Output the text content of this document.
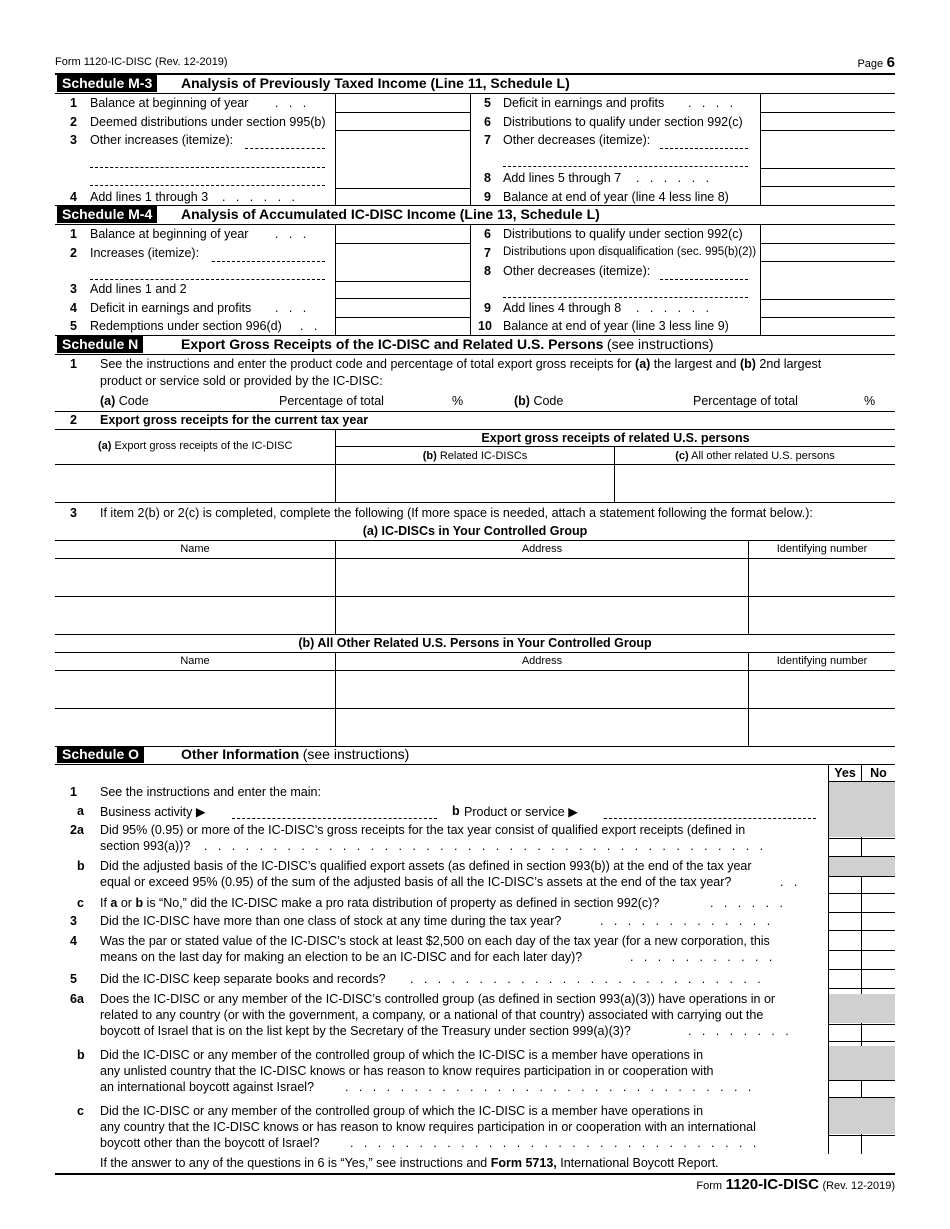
Form 1120-IC-DISC (Rev. 12-2019)	Page 6
Schedule M-3	Analysis of Previously Taxed Income (Line 11, Schedule L)
1 Balance at beginning of year .   .   .
2 Deemed distributions under section 995(b)
3 Other increases (itemize):
4 Add lines 1 through 3 .   .   .   .   .   .
5 Deficit in earnings and profits .   .   .   .
6 Distributions to qualify under section 992(c)
7 Other decreases (itemize):
8 Add lines 5 through 7 .   .   .   .   .   .
9 Balance at end of year (line 4 less line 8)
Schedule M-4	Analysis of Accumulated IC-DISC Income (Line 13, Schedule L)
1 Balance at beginning of year .   .   .
2 Increases (itemize):
3 Add lines 1 and 2
4 Deficit in earnings and profits .   .   .
5 Redemptions under section 996(d) .   .
6 Distributions to qualify under section 992(c)
7 Distributions upon disqualification (sec. 995(b)(2))
8 Other decreases (itemize):
9 Add lines 4 through 8 .   .   .   .   .   .
10 Balance at end of year (line 3 less line 9)
Schedule N	Export Gross Receipts of the IC-DISC and Related U.S. Persons (see instructions)
1 See the instructions and enter the product code and percentage of total export gross receipts for (a) the largest and (b) 2nd largest
product or service sold or provided by the IC-DISC:
(a) Code	Percentage of total	%	(b) Code	Percentage of total	%
2 Export gross receipts for the current tax year
(a) Export gross receipts of the IC-DISC
Export gross receipts of related U.S. persons
(b) Related IC-DISCs	(c) All other related U.S. persons
3 If item 2(b) or 2(c) is completed, complete the following (If more space is needed, attach a statement following the format below.):
(a) IC-DISCs in Your Controlled Group
Name	Address	Identifying number
(b) All Other Related U.S. Persons in Your Controlled Group
Name	Address	Identifying number
Schedule O	Other Information (see instructions)
Yes	No
1 See the instructions and enter the main:
a Business activity ▶	b Product or service ▶
2a Did 95% (0.95) or more of the IC-DISC’s gross receipts for the tax year consist of qualified export receipts (defined in
section 993(a))? .   .   .   .   .   .   .   .   .   .   .   .   .   .   .   .   .   .   .   .   .   .   .   .   .   .   .   .   .   .   .   .   .   .   .   .   .   .   .   .   .
b Did the adjusted basis of the IC-DISC’s qualified export assets (as defined in section 993(b)) at the end of the tax year
equal or exceed 95% (0.95) of the sum of the adjusted basis of all the IC-DISC’s assets at the end of the tax year?	.   .
c If a or b is “No,” did the IC-DISC make a pro rata distribution of property as defined in section 992(c)?	.   .   .   .   .   .
3 Did the IC-DISC have more than one class of stock at any time during the tax year?	.   .   .   .   .   .   .   .   .   .   .   .   .
4 Was the par or stated value of the IC-DISC’s stock at least $2,500 on each day of the tax year (for a new corporation, this
means on the last day for making an election to be an IC-DISC and for each later day)?	.   .   .   .   .   .   .   .   .   .   .
5 Did the IC-DISC keep separate books and records? .   .   .   .   .   .   .   .   .   .   .   .   .   .   .   .   .   .   .   .   .   .   .   .   .   .
6a Does the IC-DISC or any member of the IC-DISC’s controlled group (as defined in section 993(a)(3)) have operations in or
related to any country (or with the government, a company, or a national of that country) associated with carrying out the
boycott of Israel that is on the list kept by the Secretary of the Treasury under section 999(a)(3)?	.   .   .   .   .   .   .   .
b Did the IC-DISC or any member of the controlled group of which the IC-DISC is a member have operations in
any unlisted country that the IC-DISC knows or has reason to know requires participation in or cooperation with
an international boycott against Israel? .   .   .   .   .   .   .   .   .   .   .   .   .   .   .   .   .   .   .   .   .   .   .   .   .   .   .   .   .   .
c Did the IC-DISC or any member of the controlled group of which the IC-DISC is a member have operations in
any country that the IC-DISC knows or has reason to know requires participation in or cooperation with an international
boycott other than the boycott of Israel? .   .   .   .   .   .   .   .   .   .   .   .   .   .   .   .   .   .   .   .   .   .   .   .   .   .   .   .   .   .
If the answer to any of the questions in 6 is “Yes,” see instructions and Form 5713, International Boycott Report.
Form 1120-IC-DISC (Rev. 12-2019)
